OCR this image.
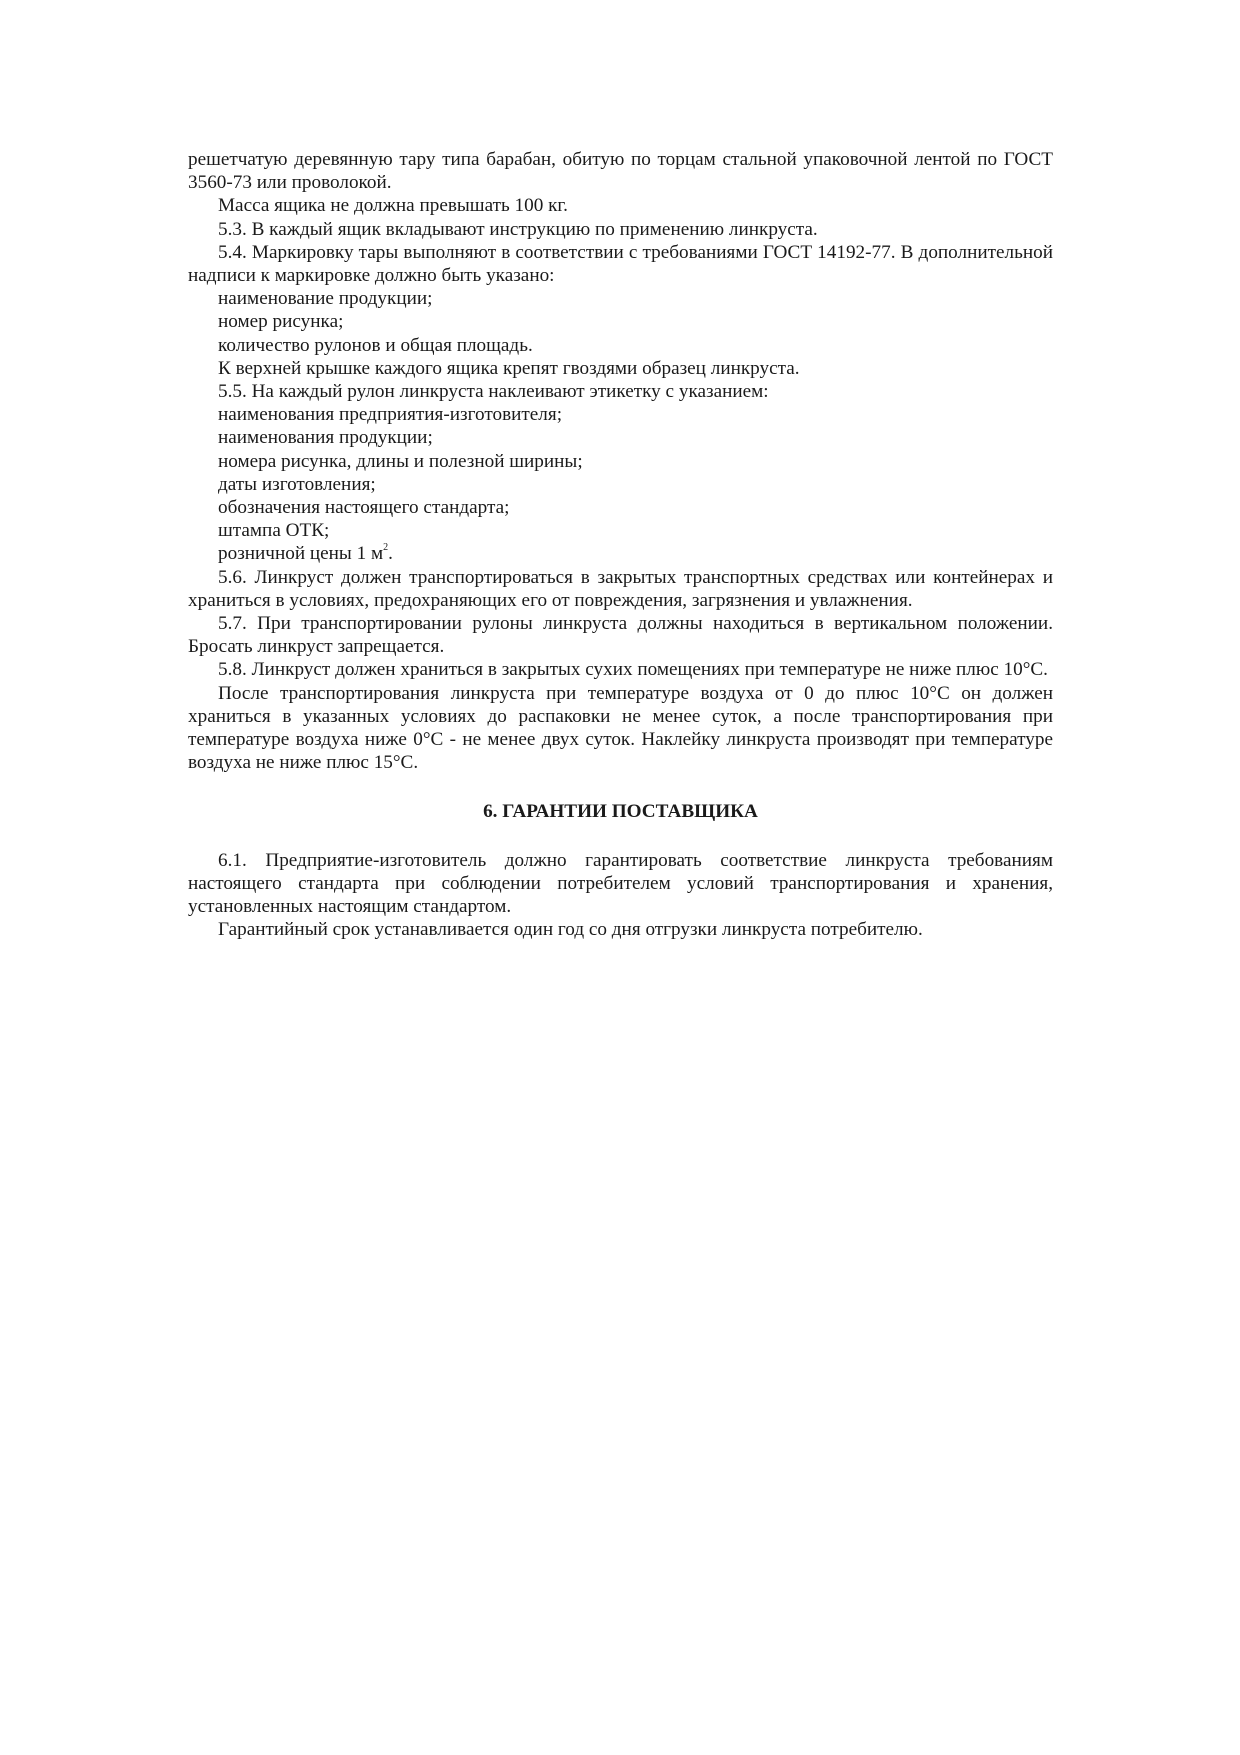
решетчатую деревянную тару типа барабан, обитую по торцам стальной упаковочной лентой по ГОСТ 3560-73 или проволокой.

Масса ящика не должна превышать 100 кг.

5.3. В каждый ящик вкладывают инструкцию по применению линкруста.

5.4. Маркировку тары выполняют в соответствии с требованиями ГОСТ 14192-77. В дополнительной надписи к маркировке должно быть указано:

наименование продукции;

номер рисунка;

количество рулонов и общая площадь.

К верхней крышке каждого ящика крепят гвоздями образец линкруста.

5.5. На каждый рулон линкруста наклеивают этикетку с указанием:

наименования предприятия-изготовителя;

наименования продукции;

номера рисунка, длины и полезной ширины;

даты изготовления;

обозначения настоящего стандарта;

штампа ОТК;

розничной цены 1 $м^2$.

5.6. Линкруст должен транспортироваться в закрытых транспортных средствах или контейнерах и храниться в условиях, предохраняющих его от повреждения, загрязнения и увлажнения.

5.7. При транспортировании рулоны линкруста должны находиться в вертикальном положении. Бросать линкруст запрещается.

5.8. Линкруст должен храниться в закрытых сухих помещениях при температуре не ниже плюс 10°С.

После транспортирования линкруста при температуре воздуха от 0 до плюс 10°С он должен храниться в указанных условиях до распаковки не менее суток, а после транспортирования при температуре воздуха ниже 0°С - не менее двух суток. Наклейку линкруста производят при температуре воздуха не ниже плюс 15°С.

6. ГАРАНТИИ ПОСТАВЩИКА

6.1. Предприятие-изготовитель должно гарантировать соответствие линкруста требованиям настоящего стандарта при соблюдении потребителем условий транспортирования и хранения, установленных настоящим стандартом.

Гарантийный срок устанавливается один год со дня отгрузки линкруста потребителю.
